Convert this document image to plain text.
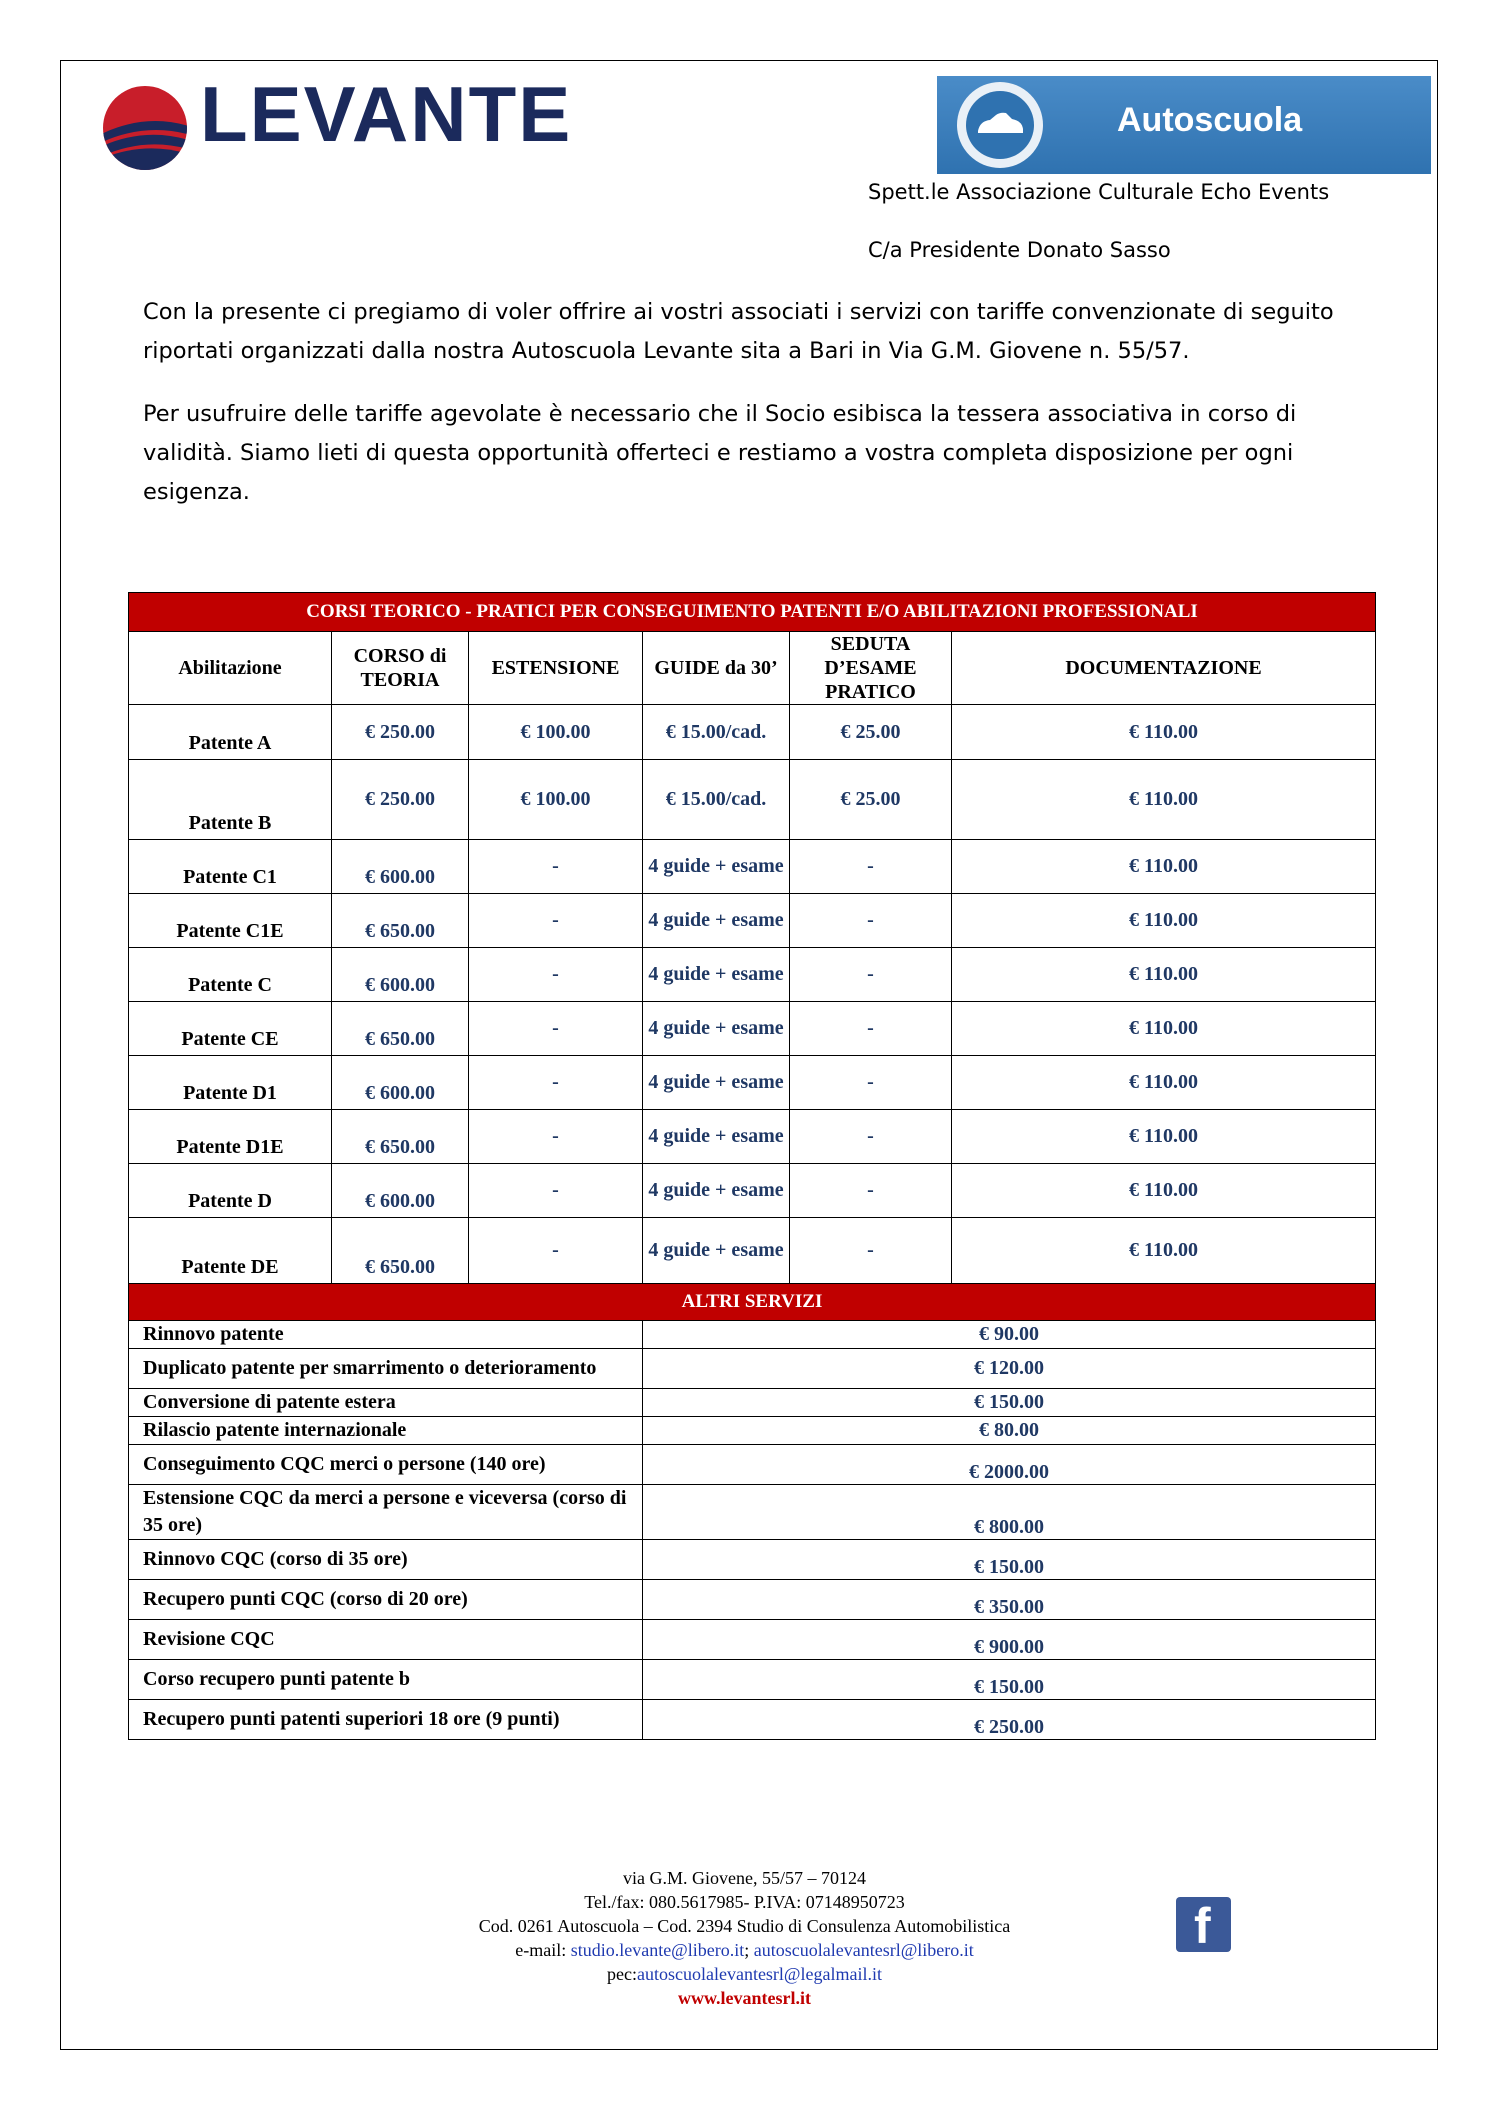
LEVANTE	Autoscuola
Spett.le Associazione Culturale Echo Events
C/a Presidente Donato Sasso

Con la presente ci pregiamo di voler offrire ai vostri associati i servizi con tariffe convenzionate di seguito riportati organizzati dalla nostra Autoscuola Levante sita a Bari in Via G.M. Giovene n. 55/57.

Per usufruire delle tariffe agevolate è necessario che il Socio esibisca la tessera associativa in corso di validità. Siamo lieti di questa opportunità offerteci e restiamo a vostra completa disposizione per ogni esigenza.

CORSI TEORICO - PRATICI PER CONSEGUIMENTO PATENTI E/O ABILITAZIONI PROFESSIONALI					
Abilitazione	CORSO di TEORIA	ESTENSIONE	GUIDE da 30’	SEDUTA D’ESAME PRATICO	DOCUMENTAZIONE
Patente A	€ 250.00	€ 100.00	€ 15.00/cad.	€ 25.00	€ 110.00
Patente B	€ 250.00	€ 100.00	€ 15.00/cad.	€ 25.00	€ 110.00
Patente C1	€ 600.00	-	4 guide + esame	-	€ 110.00
Patente C1E	€ 650.00	-	4 guide + esame	-	€ 110.00
Patente C	€ 600.00	-	4 guide + esame	-	€ 110.00
Patente CE	€ 650.00	-	4 guide + esame	-	€ 110.00
Patente D1	€ 600.00	-	4 guide + esame	-	€ 110.00
Patente D1E	€ 650.00	-	4 guide + esame	-	€ 110.00
Patente D	€ 600.00	-	4 guide + esame	-	€ 110.00
Patente DE	€ 650.00	-	4 guide + esame	-	€ 110.00
ALTRI SERVIZI	
Rinnovo patente	€ 90.00
Duplicato patente per smarrimento o deterioramento	€ 120.00
Conversione di patente estera	€ 150.00
Rilascio patente internazionale	€ 80.00
Conseguimento CQC merci o persone (140 ore)	€ 2000.00
Estensione CQC da merci a persone e viceversa (corso di 35 ore)	€ 800.00
Rinnovo CQC (corso di 35 ore)	€ 150.00
Recupero punti CQC (corso di 20 ore)	€ 350.00
Revisione CQC	€ 900.00
Corso recupero punti patente b	€ 150.00
Recupero punti patenti superiori 18 ore (9 punti)	€ 250.00
via G.M. Giovene, 55/57 – 70124
Tel./fax: 080.5617985- P.IVA: 07148950723
Cod. 0261 Autoscuola – Cod. 2394 Studio di Consulenza Automobilistica
e-mail: studio.levante@libero.it; autoscuolalevantesrl@libero.it
pec:autoscuolalevantesrl@legalmail.it
www.levantesrl.it
f
